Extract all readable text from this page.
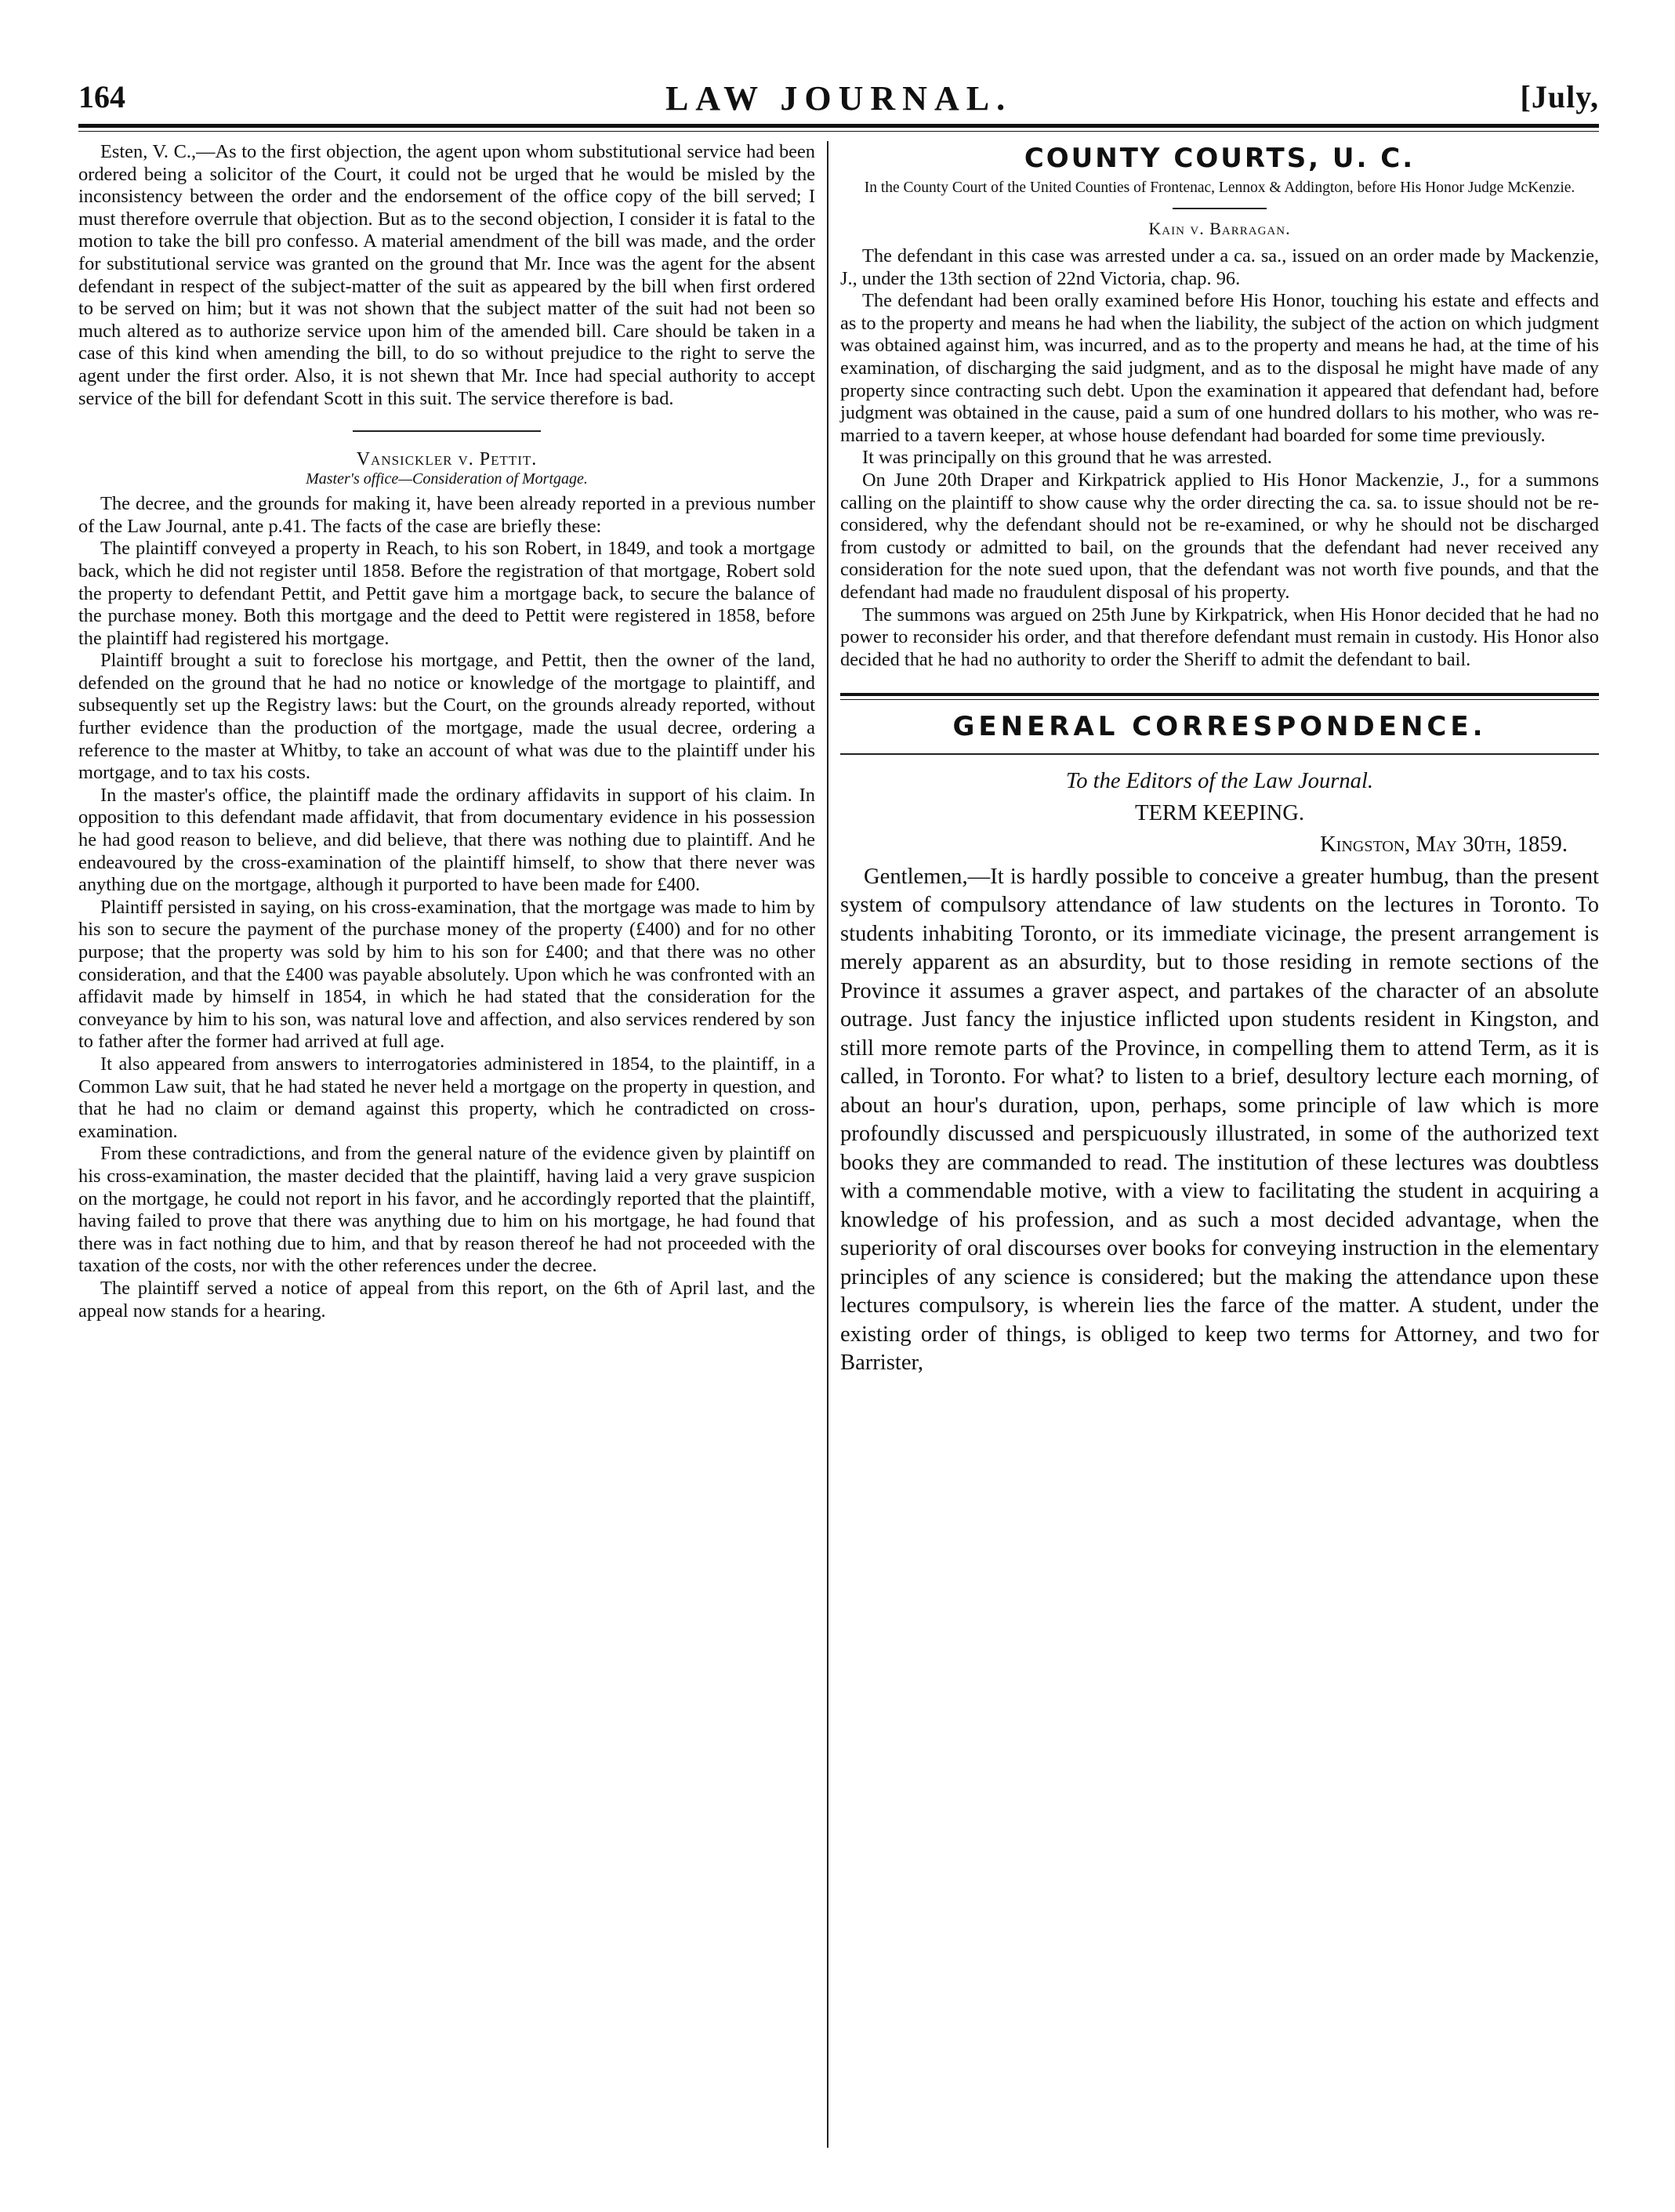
164	LAW JOURNAL.	[July,

Esten, V. C.,—As to the first objection, the agent upon whom substitutional service had been ordered being a solicitor of the Court, it could not be urged that he would be misled by the inconsistency between the order and the endorsement of the office copy of the bill served; I must therefore overrule that objection. But as to the second objection, I consider it is fatal to the motion to take the bill pro confesso. A material amendment of the bill was made, and the order for substitutional service was granted on the ground that Mr. Ince was the agent for the absent defendant in respect of the subject-matter of the suit as appeared by the bill when first ordered to be served on him; but it was not shown that the subject matter of the suit had not been so much altered as to authorize service upon him of the amended bill. Care should be taken in a case of this kind when amending the bill, to do so without prejudice to the right to serve the agent under the first order. Also, it is not shewn that Mr. Ince had special authority to accept service of the bill for defendant Scott in this suit. The service therefore is bad.

Vansickler v. Pettit.

Master's office—Consideration of Mortgage.

The decree, and the grounds for making it, have been already reported in a previous number of the Law Journal, ante p.41. The facts of the case are briefly these:

The plaintiff conveyed a property in Reach, to his son Robert, in 1849, and took a mortgage back, which he did not register until 1858. Before the registration of that mortgage, Robert sold the property to defendant Pettit, and Pettit gave him a mortgage back, to secure the balance of the purchase money. Both this mortgage and the deed to Pettit were registered in 1858, before the plaintiff had registered his mortgage.

Plaintiff brought a suit to foreclose his mortgage, and Pettit, then the owner of the land, defended on the ground that he had no notice or knowledge of the mortgage to plaintiff, and subsequently set up the Registry laws: but the Court, on the grounds already reported, without further evidence than the production of the mortgage, made the usual decree, ordering a reference to the master at Whitby, to take an account of what was due to the plaintiff under his mortgage, and to tax his costs.

In the master's office, the plaintiff made the ordinary affidavits in support of his claim. In opposition to this defendant made affidavit, that from documentary evidence in his possession he had good reason to believe, and did believe, that there was nothing due to plaintiff. And he endeavoured by the cross-examination of the plaintiff himself, to show that there never was anything due on the mortgage, although it purported to have been made for £400.

Plaintiff persisted in saying, on his cross-examination, that the mortgage was made to him by his son to secure the payment of the purchase money of the property (£400) and for no other purpose; that the property was sold by him to his son for £400; and that there was no other consideration, and that the £400 was payable absolutely. Upon which he was confronted with an affidavit made by himself in 1854, in which he had stated that the consideration for the conveyance by him to his son, was natural love and affection, and also services rendered by son to father after the former had arrived at full age.

It also appeared from answers to interrogatories administered in 1854, to the plaintiff, in a Common Law suit, that he had stated he never held a mortgage on the property in question, and that he had no claim or demand against this property, which he contradicted on cross-examination.

From these contradictions, and from the general nature of the evidence given by plaintiff on his cross-examination, the master decided that the plaintiff, having laid a very grave suspicion on the mortgage, he could not report in his favor, and he accordingly reported that the plaintiff, having failed to prove that there was anything due to him on his mortgage, he had found that there was in fact nothing due to him, and that by reason thereof he had not proceeded with the taxation of the costs, nor with the other references under the decree.

The plaintiff served a notice of appeal from this report, on the 6th of April last, and the appeal now stands for a hearing.

COUNTY COURTS, U. C.

In the County Court of the United Counties of Frontenac, Lennox & Addington, before His Honor Judge McKenzie.

Kain v. Barragan.

The defendant in this case was arrested under a ca. sa., issued on an order made by Mackenzie, J., under the 13th section of 22nd Victoria, chap. 96.

The defendant had been orally examined before His Honor, touching his estate and effects and as to the property and means he had when the liability, the subject of the action on which judgment was obtained against him, was incurred, and as to the property and means he had, at the time of his examination, of discharging the said judgment, and as to the disposal he might have made of any property since contracting such debt. Upon the examination it appeared that defendant had, before judgment was obtained in the cause, paid a sum of one hundred dollars to his mother, who was re-married to a tavern keeper, at whose house defendant had boarded for some time previously.

It was principally on this ground that he was arrested.

On June 20th Draper and Kirkpatrick applied to His Honor Mackenzie, J., for a summons calling on the plaintiff to show cause why the order directing the ca. sa. to issue should not be re-considered, why the defendant should not be re-examined, or why he should not be discharged from custody or admitted to bail, on the grounds that the defendant had never received any consideration for the note sued upon, that the defendant was not worth five pounds, and that the defendant had made no fraudulent disposal of his property.

The summons was argued on 25th June by Kirkpatrick, when His Honor decided that he had no power to reconsider his order, and that therefore defendant must remain in custody. His Honor also decided that he had no authority to order the Sheriff to admit the defendant to bail.

GENERAL CORRESPONDENCE.

To the Editors of the Law Journal.

TERM KEEPING.

Kingston, May 30th, 1859.

Gentlemen,—It is hardly possible to conceive a greater humbug, than the present system of compulsory attendance of law students on the lectures in Toronto. To students inhabiting Toronto, or its immediate vicinage, the present arrangement is merely apparent as an absurdity, but to those residing in remote sections of the Province it assumes a graver aspect, and partakes of the character of an absolute outrage. Just fancy the injustice inflicted upon students resident in Kingston, and still more remote parts of the Province, in compelling them to attend Term, as it is called, in Toronto. For what? to listen to a brief, desultory lecture each morning, of about an hour's duration, upon, perhaps, some principle of law which is more profoundly discussed and perspicuously illustrated, in some of the authorized text books they are commanded to read. The institution of these lectures was doubtless with a commendable motive, with a view to facilitating the student in acquiring a knowledge of his profession, and as such a most decided advantage, when the superiority of oral discourses over books for conveying instruction in the elementary principles of any science is considered; but the making the attendance upon these lectures compulsory, is wherein lies the farce of the matter. A student, under the existing order of things, is obliged to keep two terms for Attorney, and two for Barrister,
